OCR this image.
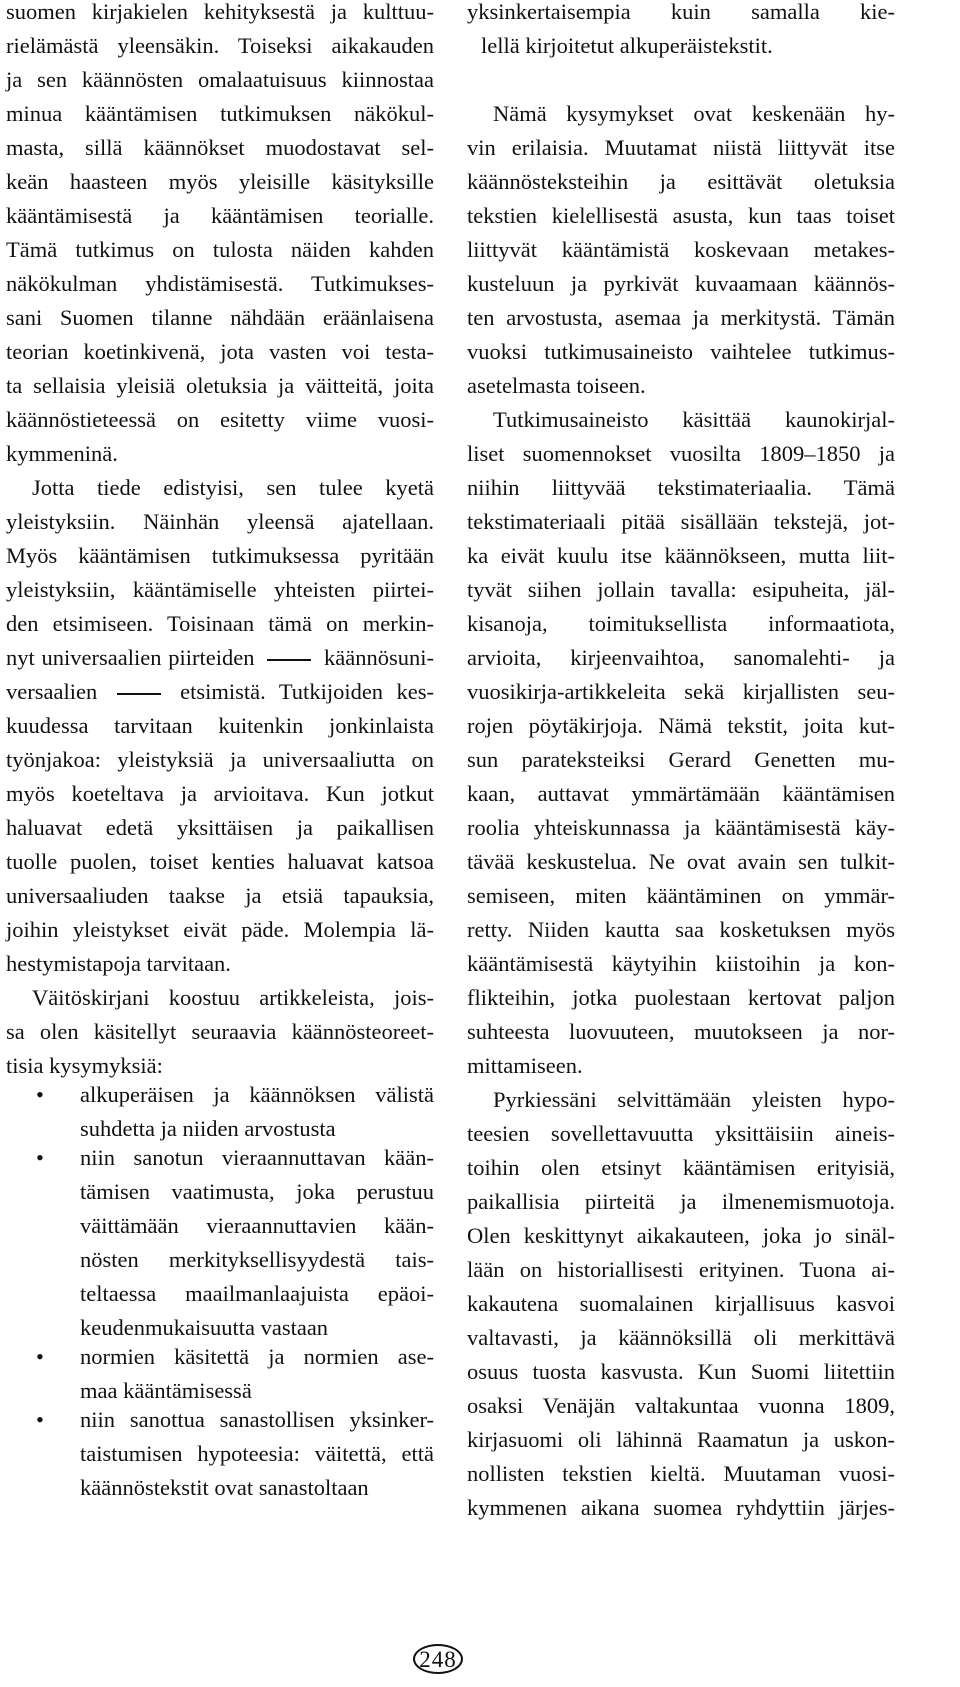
suomen kirjakielen kehityksestä ja kulttuu-
rielämästä yleensäkin. Toiseksi aikakauden
ja sen käännösten omalaatuisuus kiinnostaa
minua kääntämisen tutkimuksen näkökul-
masta, sillä käännökset muodostavat sel-
keän haasteen myös yleisille käsityksille
kääntämisestä ja kääntämisen teorialle.
Tämä tutkimus on tulosta näiden kahden
näkökulman yhdistämisestä. Tutkimukses-
sani Suomen tilanne nähdään eräänlaisena
teorian koetinkivenä, jota vasten voi testa-
ta sellaisia yleisiä oletuksia ja väitteitä, joita
käännöstieteessä on esitetty viime vuosi-
kymmeninä.
Jotta tiede edistyisi, sen tulee kyetä
yleistyksiin. Näinhän yleensä ajatellaan.
Myös kääntämisen tutkimuksessa pyritään
yleistyksiin, kääntämiselle yhteisten piirtei-
den etsimiseen. Toisinaan tämä on merkin-
nyt universaalien piirteiden	käännösuni-
versaalien	etsimistä. Tutkijoiden kes-
kuudessa tarvitaan kuitenkin jonkinlaista
työnjakoa: yleistyksiä ja universaaliutta on
myös koeteltava ja arvioitava. Kun jotkut
haluavat edetä yksittäisen ja paikallisen
tuolle puolen, toiset kenties haluavat katsoa
universaaliuden taakse ja etsiä tapauksia,
joihin yleistykset eivät päde. Molempia lä-
hestymistapoja tarvitaan.
Väitöskirjani koostuu artikkeleista, jois-
sa olen käsitellyt seuraavia käännösteoreet-
tisia kysymyksiä:
• alkuperäisen ja käännöksen välistä
suhdetta ja niiden arvostusta
• niin sanotun vieraannuttavan kään-
tämisen vaatimusta, joka perustuu
väittämään vieraannuttavien kään-
nösten merkityksellisyydestä tais-
teltaessa maailmanlaajuista epäoi-
keudenmukaisuutta vastaan
• normien käsitettä ja normien ase-
maa kääntämisessä
• niin sanottua sanastollisen yksinker-
taistumisen hypoteesia: väitettä, että
käännöstekstit ovat sanastoltaan
yksinkertaisempia kuin samalla kie-
lellä kirjoitetut alkuperäistekstit.
Nämä kysymykset ovat keskenään hy-
vin erilaisia. Muutamat niistä liittyvät itse
käännösteksteihin ja esittävät oletuksia
tekstien kielellisestä asusta, kun taas toiset
liittyvät kääntämistä koskevaan metakes-
kusteluun ja pyrkivät kuvaamaan käännös-
ten arvostusta, asemaa ja merkitystä. Tämän
vuoksi tutkimusaineisto vaihtelee tutkimus-
asetelmasta toiseen.
Tutkimusaineisto käsittää kaunokirjal-
liset suomennokset vuosilta 1809–1850 ja
niihin liittyvää tekstimateriaalia. Tämä
tekstimateriaali pitää sisällään tekstejä, jot-
ka eivät kuulu itse käännökseen, mutta liit-
tyvät siihen jollain tavalla: esipuheita, jäl-
kisanoja, toimituksellista informaatiota,
arvioita, kirjeenvaihtoa, sanomalehti- ja
vuosikirja-artikkeleita sekä kirjallisten seu-
rojen pöytäkirjoja. Nämä tekstit, joita kut-
sun parateksteiksi Gerard Genetten mu-
kaan, auttavat ymmärtämään kääntämisen
roolia yhteiskunnassa ja kääntämisestä käy-
tävää keskustelua. Ne ovat avain sen tulkit-
semiseen, miten kääntäminen on ymmär-
retty. Niiden kautta saa kosketuksen myös
kääntämisestä käytyihin kiistoihin ja kon-
flikteihin, jotka puolestaan kertovat paljon
suhteesta luovuuteen, muutokseen ja nor-
mittamiseen.
Pyrkiessäni selvittämään yleisten hypo-
teesien sovellettavuutta yksittäisiin aineis-
toihin olen etsinyt kääntämisen erityisiä,
paikallisia piirteitä ja ilmenemismuotoja.
Olen keskittynyt aikakauteen, joka jo sinäl-
lään on historiallisesti erityinen. Tuona ai-
kakautena suomalainen kirjallisuus kasvoi
valtavasti, ja käännöksillä oli merkittävä
osuus tuosta kasvusta. Kun Suomi liitettiin
osaksi Venäjän valtakuntaa vuonna 1809,
kirjasuomi oli lähinnä Raamatun ja uskon-
nollisten tekstien kieltä. Muutaman vuosi-
kymmenen aikana suomea ryhdyttiin järjes-
248
